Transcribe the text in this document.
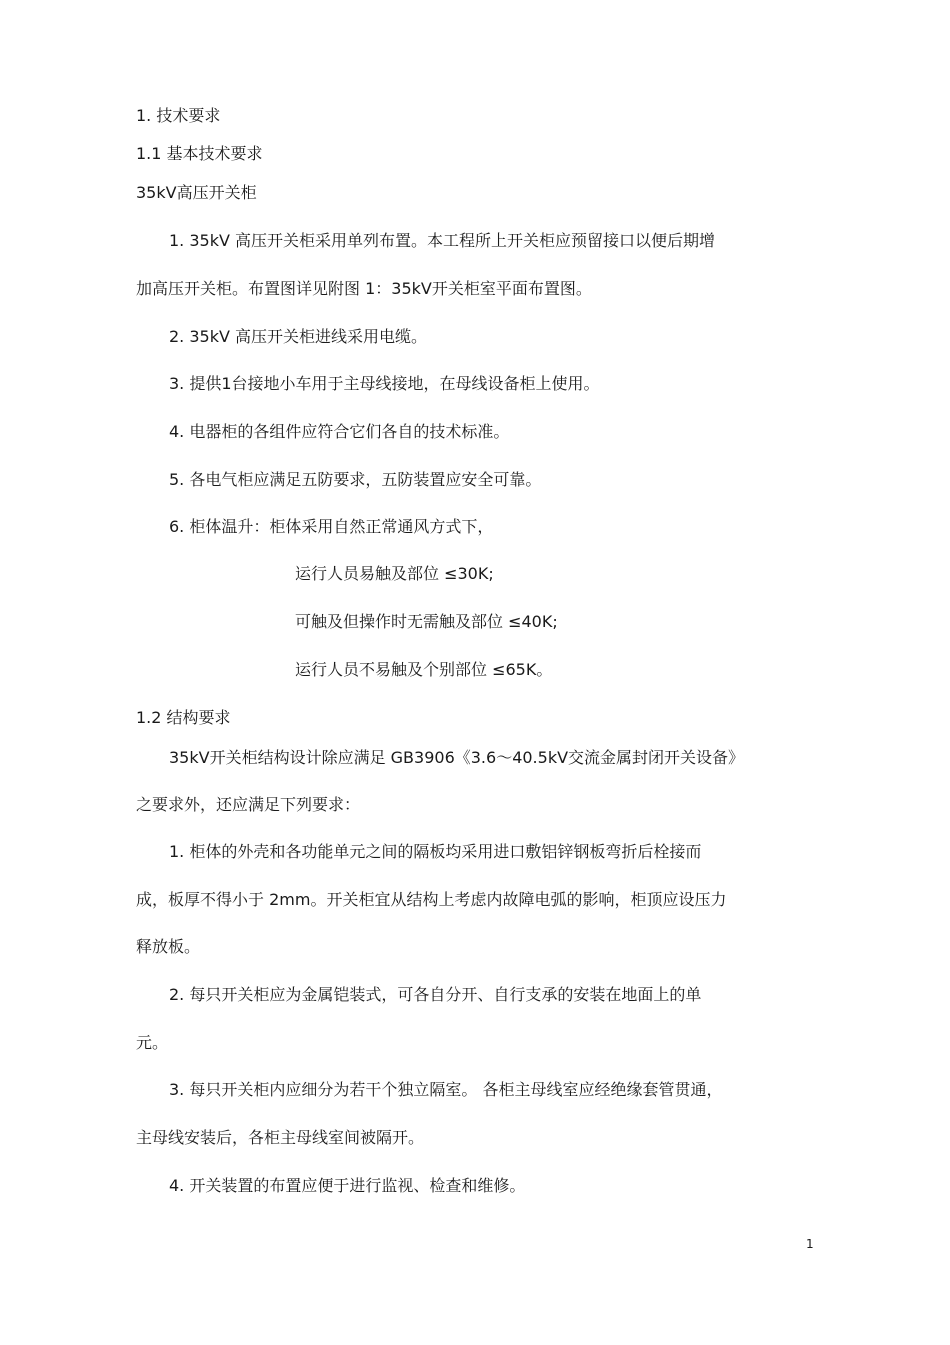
1. 技术要求
1.1 基本技术要求
35kV高压开关柜
1. 35kV 高压开关柜采用单列布置。本工程所上开关柜应预留接口以便后期增
加高压开关柜。布置图详见附图 1：35kV开关柜室平面布置图。
2. 35kV 高压开关柜进线采用电缆。
3. 提供1台接地小车用于主母线接地，在母线设备柜上使用。
4. 电器柜的各组件应符合它们各自的技术标准。
5. 各电气柜应满足五防要求，五防装置应安全可靠。
6. 柜体温升：柜体采用自然正常通风方式下，
运行人员易触及部位 ≤30K;
可触及但操作时无需触及部位 ≤40K;
运行人员不易触及个别部位 ≤65K。
1.2 结构要求
35kV开关柜结构设计除应满足 GB3906《3.6～40.5kV交流金属封闭开关设备》
之要求外，还应满足下列要求：
1. 柜体的外壳和各功能单元之间的隔板均采用进口敷铝锌钢板弯折后栓接而
成，板厚不得小于 2mm。开关柜宜从结构上考虑内故障电弧的影响，柜顶应设压力
释放板。
2. 每只开关柜应为金属铠装式，可各自分开、自行支承的安装在地面上的单
元。
3. 每只开关柜内应细分为若干个独立隔室。 各柜主母线室应经绝缘套管贯通，
主母线安装后，各柜主母线室间被隔开。
4. 开关装置的布置应便于进行监视、检查和维修。
1
